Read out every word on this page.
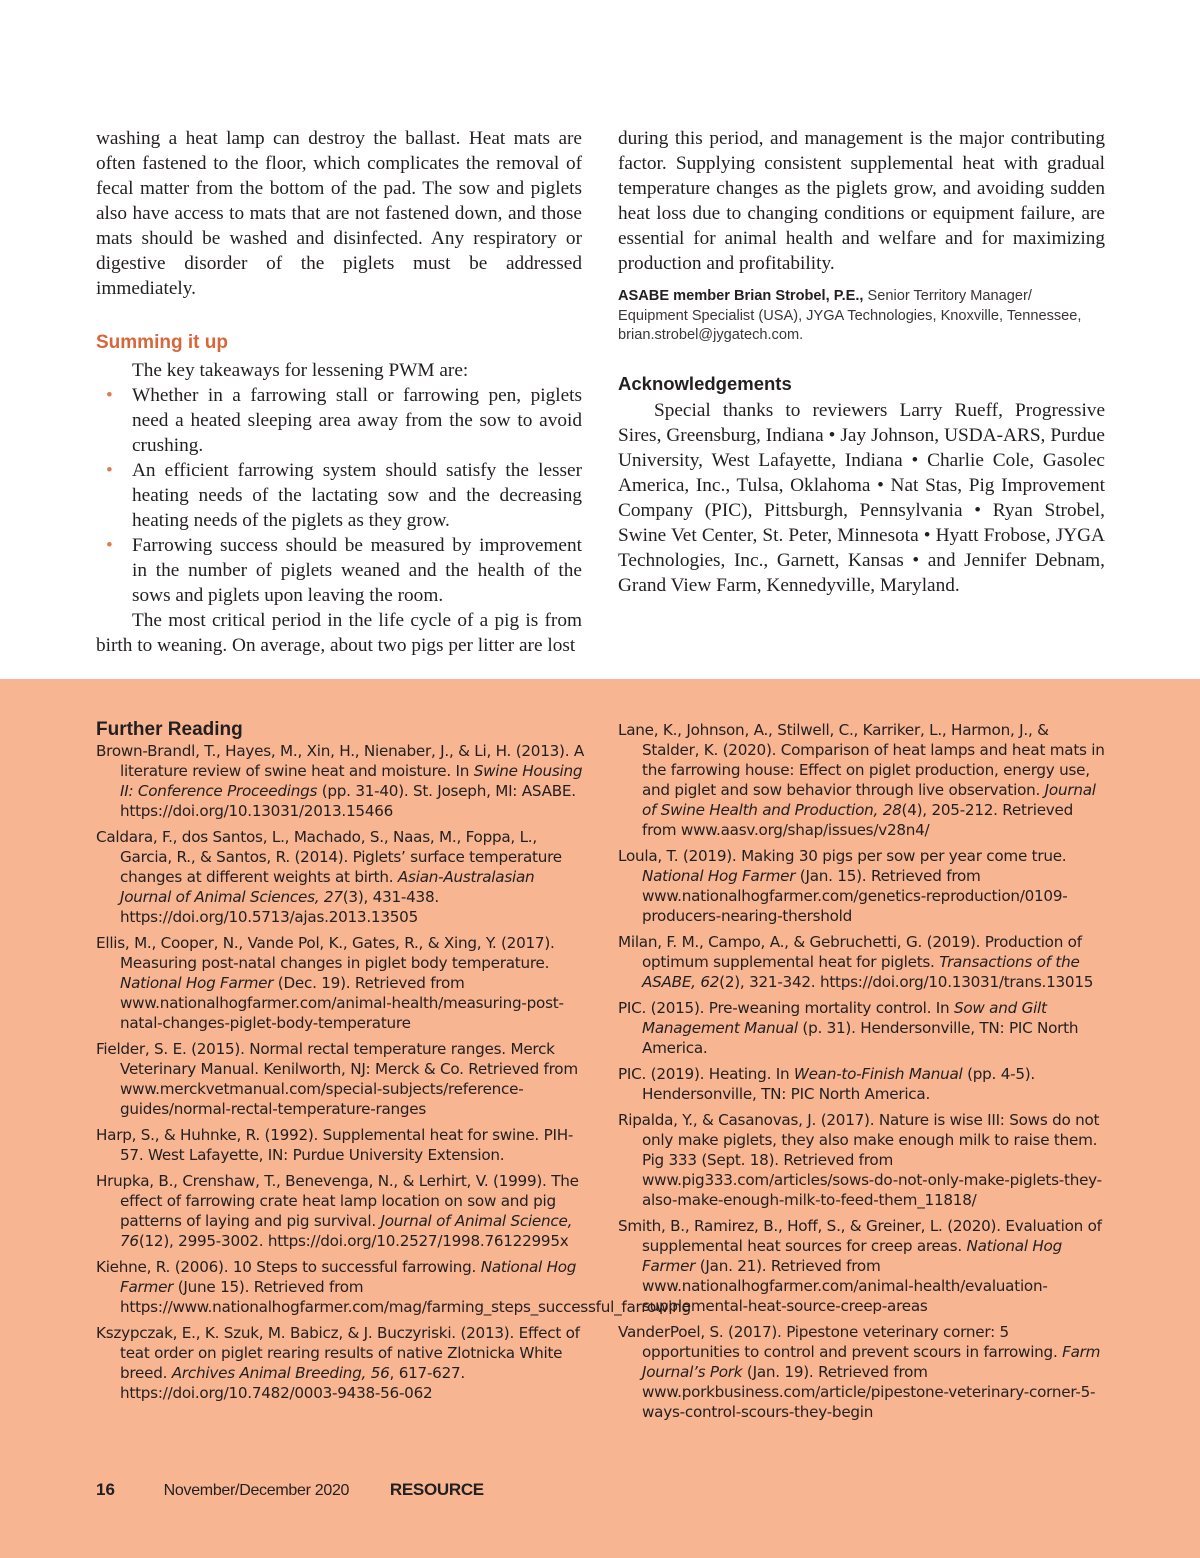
washing a heat lamp can destroy the ballast. Heat mats are often fastened to the floor, which complicates the removal of fecal matter from the bottom of the pad. The sow and piglets also have access to mats that are not fastened down, and those mats should be washed and disinfected. Any respiratory or digestive disorder of the piglets must be addressed immediately.

Summing it up

The key takeaways for lessening PWM are:

• Whether in a farrowing stall or farrowing pen, piglets need a heated sleeping area away from the sow to avoid crushing.
• An efficient farrowing system should satisfy the lesser heating needs of the lactating sow and the decreasing heating needs of the piglets as they grow.
• Farrowing success should be measured by improvement in the number of piglets weaned and the health of the sows and piglets upon leaving the room.

The most critical period in the life cycle of a pig is from birth to weaning. On average, about two pigs per litter are lost

during this period, and management is the major contributing factor. Supplying consistent supplemental heat with gradual temperature changes as the piglets grow, and avoiding sudden heat loss due to changing conditions or equipment failure, are essential for animal health and welfare and for maximizing production and profitability.

ASABE member Brian Strobel, P.E., Senior Territory Manager/ Equipment Specialist (USA), JYGA Technologies, Knoxville, Tennessee, brian.strobel@jygatech.com.
Acknowledgements

Special thanks to reviewers Larry Rueff, Progressive Sires, Greensburg, Indiana • Jay Johnson, USDA-ARS, Purdue University, West Lafayette, Indiana • Charlie Cole, Gasolec America, Inc., Tulsa, Oklahoma • Nat Stas, Pig Improvement Company (PIC), Pittsburgh, Pennsylvania • Ryan Strobel, Swine Vet Center, St. Peter, Minnesota • Hyatt Frobose, JYGA Technologies, Inc., Garnett, Kansas • and Jennifer Debnam, Grand View Farm, Kennedyville, Maryland.

Further Reading

Brown-Brandl, T., Hayes, M., Xin, H., Nienaber, J., & Li, H. (2013). A literature review of swine heat and moisture. In Swine Housing II: Conference Proceedings (pp. 31-40). St. Joseph, MI: ASABE. https://doi.org/10.13031/2013.15466

Caldara, F., dos Santos, L., Machado, S., Naas, M., Foppa, L., Garcia, R., & Santos, R. (2014). Piglets’ surface temperature changes at different weights at birth. Asian-Australasian Journal of Animal Sciences, 27(3), 431-438. https://doi.org/10.5713/ajas.2013.13505

Ellis, M., Cooper, N., Vande Pol, K., Gates, R., & Xing, Y. (2017). Measuring post-natal changes in piglet body temperature. National Hog Farmer (Dec. 19). Retrieved from www.nationalhogfarmer.com/animal-health/measuring-post-natal-changes-piglet-body-temperature

Fielder, S. E. (2015). Normal rectal temperature ranges. Merck Veterinary Manual. Kenilworth, NJ: Merck & Co. Retrieved from www.merckvetmanual.com/special-subjects/reference-guides/normal-rectal-temperature-ranges

Harp, S., & Huhnke, R. (1992). Supplemental heat for swine. PIH-57. West Lafayette, IN: Purdue University Extension.

Hrupka, B., Crenshaw, T., Benevenga, N., & Lerhirt, V. (1999). The effect of farrowing crate heat lamp location on sow and pig patterns of laying and pig survival. Journal of Animal Science, 76(12), 2995-3002. https://doi.org/10.2527/1998.76122995x

Kiehne, R. (2006). 10 Steps to successful farrowing. National Hog Farmer (June 15). Retrieved from https://www.nationalhogfarmer.com/mag/farming_steps_successful_farrowing

Kszypczak, E., K. Szuk, M. Babicz, & J. Buczyriski. (2013). Effect of teat order on piglet rearing results of native Zlotnicka White breed. Archives Animal Breeding, 56, 617-627. https://doi.org/10.7482/0003-9438-56-062

Lane, K., Johnson, A., Stilwell, C., Karriker, L., Harmon, J., & Stalder, K. (2020). Comparison of heat lamps and heat mats in the farrowing house: Effect on piglet production, energy use, and piglet and sow behavior through live observation. Journal of Swine Health and Production, 28(4), 205-212. Retrieved from www.aasv.org/shap/issues/v28n4/

Loula, T. (2019). Making 30 pigs per sow per year come true. National Hog Farmer (Jan. 15). Retrieved from www.nationalhogfarmer.com/genetics-reproduction/0109-producers-nearing-thershold

Milan, F. M., Campo, A., & Gebruchetti, G. (2019). Production of optimum supplemental heat for piglets. Transactions of the ASABE, 62(2), 321-342. https://doi.org/10.13031/trans.13015

PIC. (2015). Pre-weaning mortality control. In Sow and Gilt Management Manual (p. 31). Hendersonville, TN: PIC North America.

PIC. (2019). Heating. In Wean-to-Finish Manual (pp. 4-5). Hendersonville, TN: PIC North America.

Ripalda, Y., & Casanovas, J. (2017). Nature is wise III: Sows do not only make piglets, they also make enough milk to raise them. Pig 333 (Sept. 18). Retrieved from www.pig333.com/articles/sows-do-not-only-make-piglets-they-also-make-enough-milk-to-feed-them_11818/

Smith, B., Ramirez, B., Hoff, S., & Greiner, L. (2020). Evaluation of supplemental heat sources for creep areas. National Hog Farmer (Jan. 21). Retrieved from www.nationalhogfarmer.com/animal-health/evaluation-supplemental-heat-source-creep-areas

VanderPoel, S. (2017). Pipestone veterinary corner: 5 opportunities to control and prevent scours in farrowing. Farm Journal’s Pork (Jan. 19). Retrieved from www.porkbusiness.com/article/pipestone-veterinary-corner-5-ways-control-scours-they-begin

16	November/December 2020 RESOURCE
